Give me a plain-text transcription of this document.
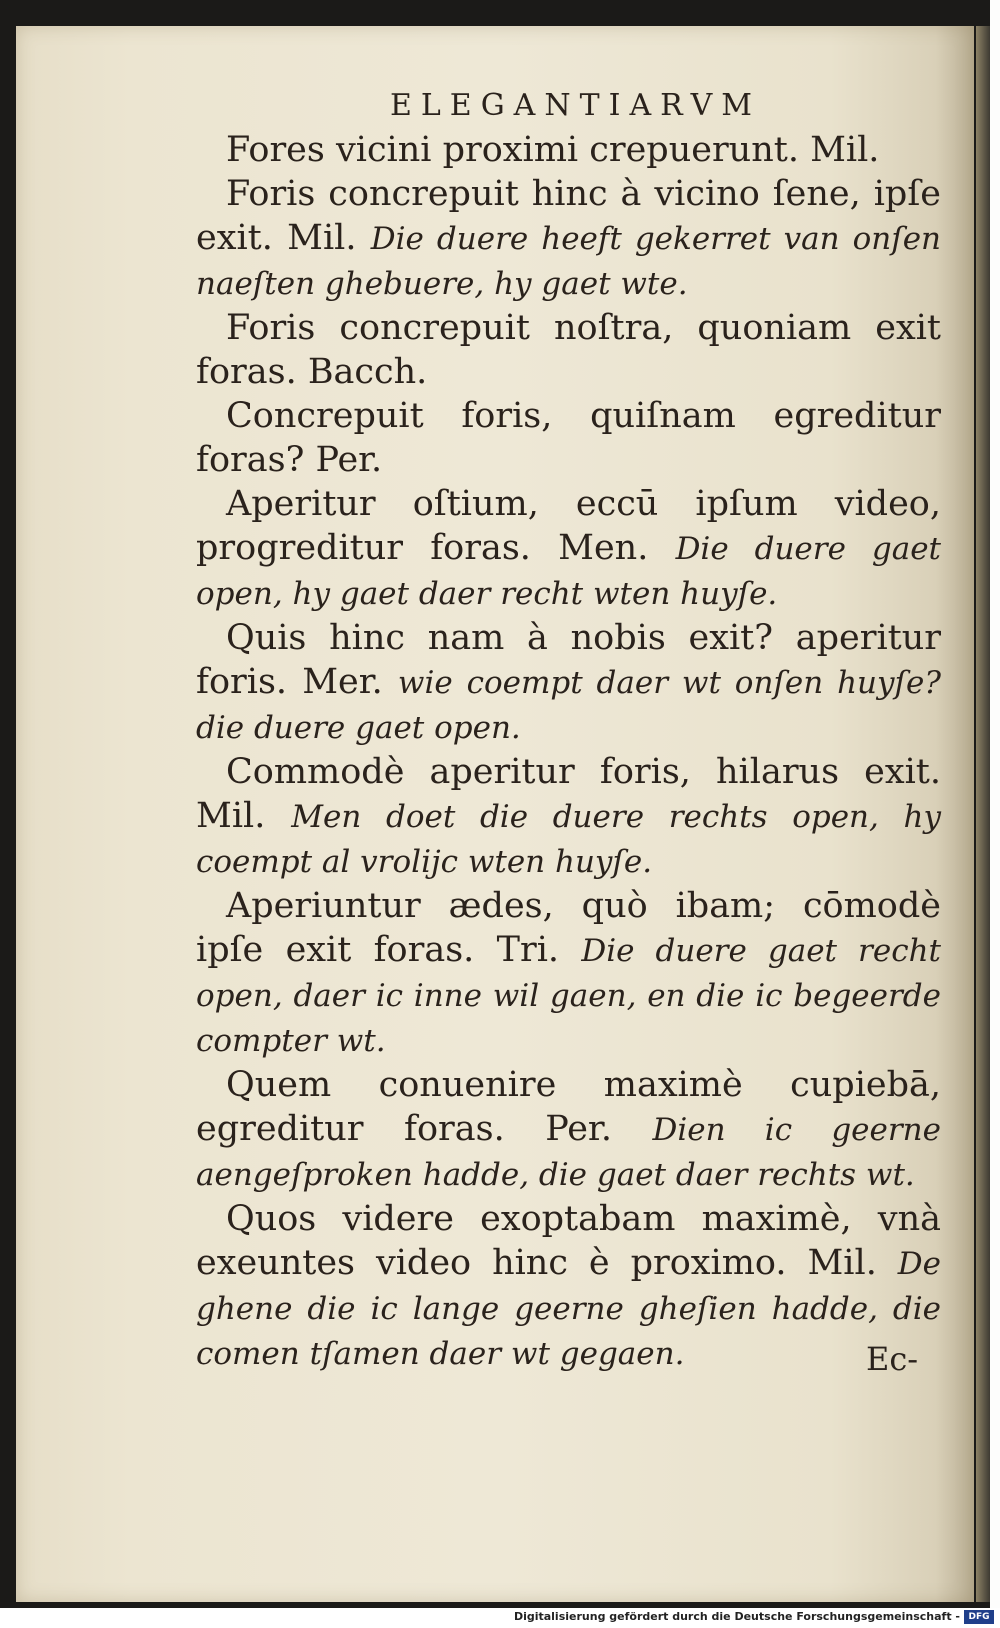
ELEGANTIARVM

Fores vicini proximi crepuerunt. Mil.

Foris concrepuit hinc à vicino ſene, ipſe exit. Mil. Die duere heeft gekerret van onſen naeſten ghebuere, hy gaet wte.

Foris concrepuit noſtra, quoniam exit foras. Bacch.

Concrepuit foris, quiſnam egreditur foras? Per.

Aperitur oſtium, eccū ipſum video, progreditur foras. Men. Die duere gaet open, hy gaet daer recht wten huyſe.

Quis hinc nam à nobis exit? aperitur foris. Mer. wie coempt daer wt onſen huyſe? die duere gaet open.

Commodè aperitur foris, hilarus exit. Mil. Men doet die duere rechts open, hy coempt al vrolijc wten huyſe.

Aperiuntur ædes, quò ibam; cōmodè ipſe exit foras. Tri. Die duere gaet recht open, daer ic inne wil gaen, en die ic begeerde compter wt.

Quem conuenire maximè cupiebā, egreditur foras. Per. Dien ic geerne aengeſproken hadde, die gaet daer rechts wt.

Quos videre exoptabam maximè, vnà exeuntes video hinc è proximo. Mil. De ghene die ic lange geerne gheſien hadde, die comen tſamen daer wt gegaen.	Ec-
Digitalisierung gefördert durch die Deutsche Forschungsgemeinschaft - DFG
